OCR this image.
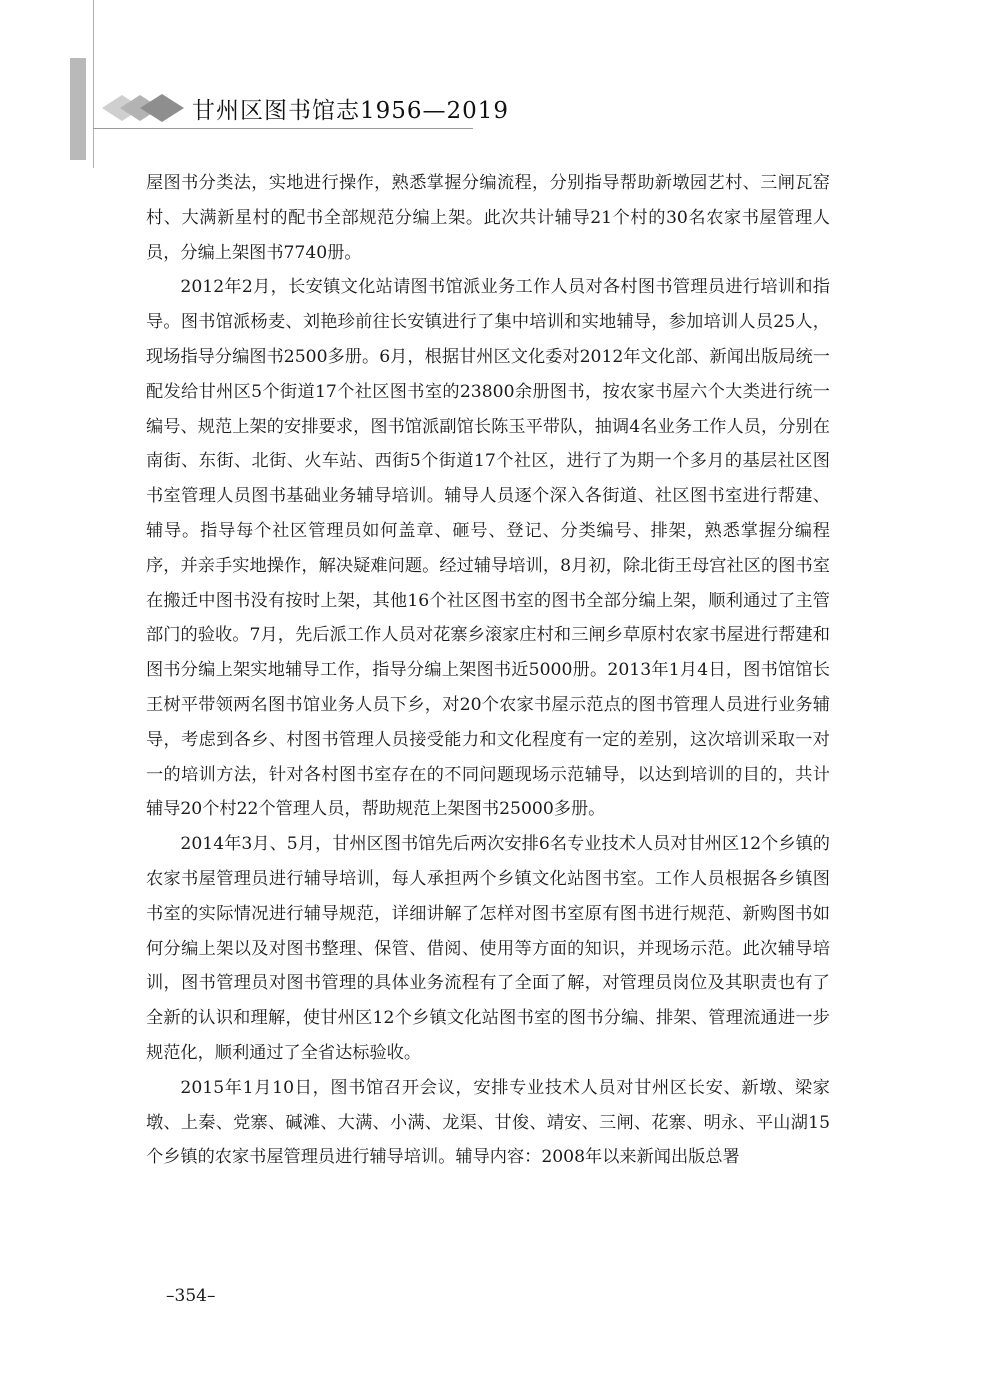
甘州区图书馆志1956—2019

屋图书分类法，实地进行操作，熟悉掌握分编流程，分别指导帮助新墩园艺村、三闸瓦窑村、大满新星村的配书全部规范分编上架。此次共计辅导21个村的30名农家书屋管理人员，分编上架图书7740册。

2012年2月，长安镇文化站请图书馆派业务工作人员对各村图书管理员进行培训和指导。图书馆派杨麦、刘艳珍前往长安镇进行了集中培训和实地辅导，参加培训人员25人，现场指导分编图书2500多册。6月，根据甘州区文化委对2012年文化部、新闻出版局统一配发给甘州区5个街道17个社区图书室的23800余册图书，按农家书屋六个大类进行统一编号、规范上架的安排要求，图书馆派副馆长陈玉平带队，抽调4名业务工作人员，分别在南街、东街、北街、火车站、西街5个街道17个社区，进行了为期一个多月的基层社区图书室管理人员图书基础业务辅导培训。辅导人员逐个深入各街道、社区图书室进行帮建、辅导。指导每个社区管理员如何盖章、砸号、登记、分类编号、排架，熟悉掌握分编程序，并亲手实地操作，解决疑难问题。经过辅导培训，8月初，除北街王母宫社区的图书室在搬迁中图书没有按时上架，其他16个社区图书室的图书全部分编上架，顺利通过了主管部门的验收。7月，先后派工作人员对花寨乡滚家庄村和三闸乡草原村农家书屋进行帮建和图书分编上架实地辅导工作，指导分编上架图书近5000册。2013年1月4日，图书馆馆长王树平带领两名图书馆业务人员下乡，对20个农家书屋示范点的图书管理人员进行业务辅导，考虑到各乡、村图书管理人员接受能力和文化程度有一定的差别，这次培训采取一对一的培训方法，针对各村图书室存在的不同问题现场示范辅导，以达到培训的目的，共计辅导20个村22个管理人员，帮助规范上架图书25000多册。

2014年3月、5月，甘州区图书馆先后两次安排6名专业技术人员对甘州区12个乡镇的农家书屋管理员进行辅导培训，每人承担两个乡镇文化站图书室。工作人员根据各乡镇图书室的实际情况进行辅导规范，详细讲解了怎样对图书室原有图书进行规范、新购图书如何分编上架以及对图书整理、保管、借阅、使用等方面的知识，并现场示范。此次辅导培训，图书管理员对图书管理的具体业务流程有了全面了解，对管理员岗位及其职责也有了全新的认识和理解，使甘州区12个乡镇文化站图书室的图书分编、排架、管理流通进一步规范化，顺利通过了全省达标验收。

2015年1月10日，图书馆召开会议，安排专业技术人员对甘州区长安、新墩、梁家墩、上秦、党寨、碱滩、大满、小满、龙渠、甘俊、靖安、三闸、花寨、明永、平山湖15个乡镇的农家书屋管理员进行辅导培训。辅导内容：2008年以来新闻出版总署

–354–
